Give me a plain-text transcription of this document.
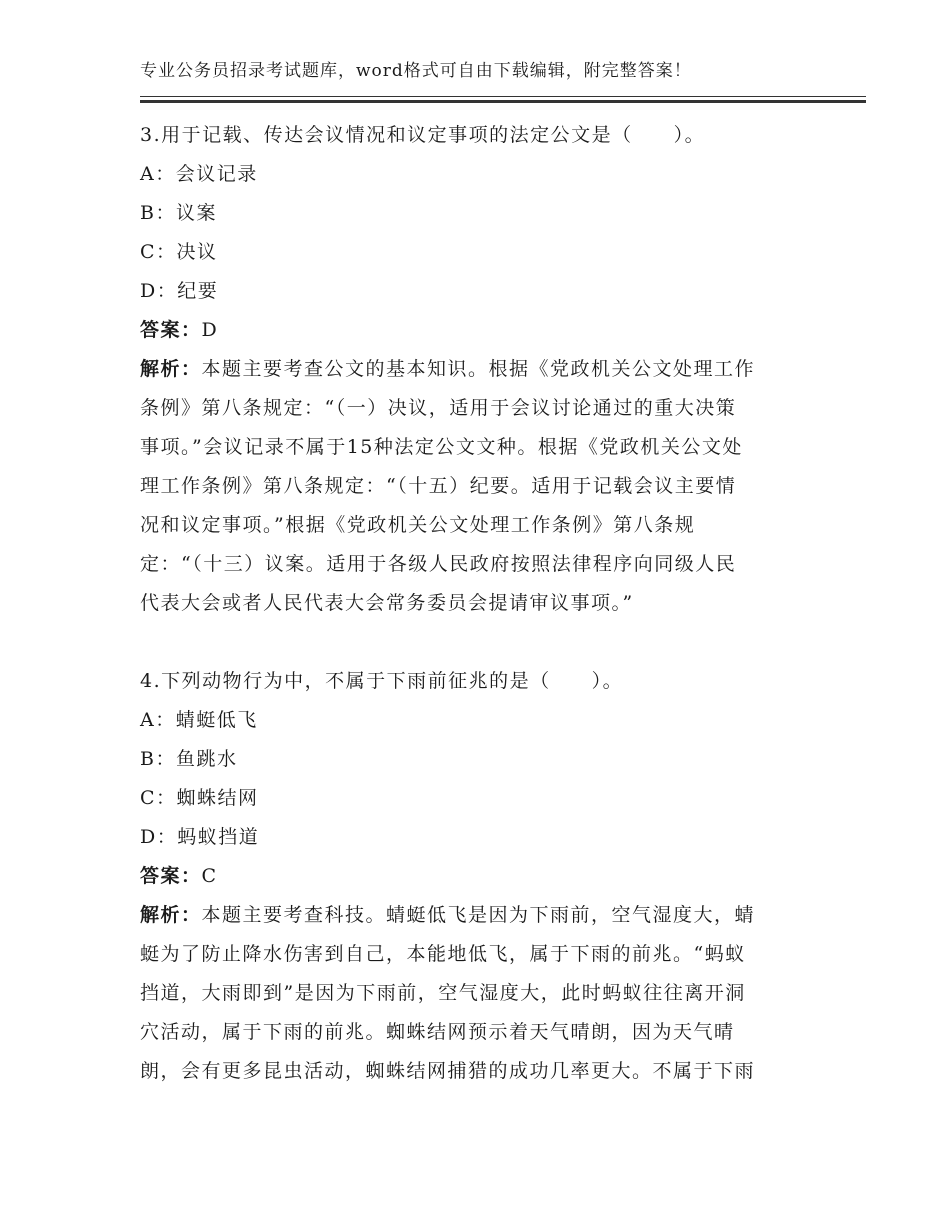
专业公务员招录考试题库，word格式可自由下载编辑，附完整答案！
3.用于记载、传达会议情况和议定事项的法定公文是（　　）。
A：会议记录
B：议案
C：决议
D：纪要
答案：D
解析：本题主要考查公文的基本知识。根据《党政机关公文处理工作
条例》第八条规定：“（一）决议，适用于会议讨论通过的重大决策
事项。”会议记录不属于15种法定公文文种。根据《党政机关公文处
理工作条例》第八条规定：“（十五）纪要。适用于记载会议主要情
况和议定事项。”根据《党政机关公文处理工作条例》第八条规
定：“（十三）议案。适用于各级人民政府按照法律程序向同级人民
代表大会或者人民代表大会常务委员会提请审议事项。”
4.下列动物行为中，不属于下雨前征兆的是（　　）。
A：蜻蜓低飞
B：鱼跳水
C：蜘蛛结网
D：蚂蚁挡道
答案：C
解析：本题主要考查科技。蜻蜓低飞是因为下雨前，空气湿度大，蜻
蜓为了防止降水伤害到自己，本能地低飞，属于下雨的前兆。“蚂蚁
挡道，大雨即到”是因为下雨前，空气湿度大，此时蚂蚁往往离开洞
穴活动，属于下雨的前兆。蜘蛛结网预示着天气晴朗，因为天气晴
朗，会有更多昆虫活动，蜘蛛结网捕猎的成功几率更大。不属于下雨
